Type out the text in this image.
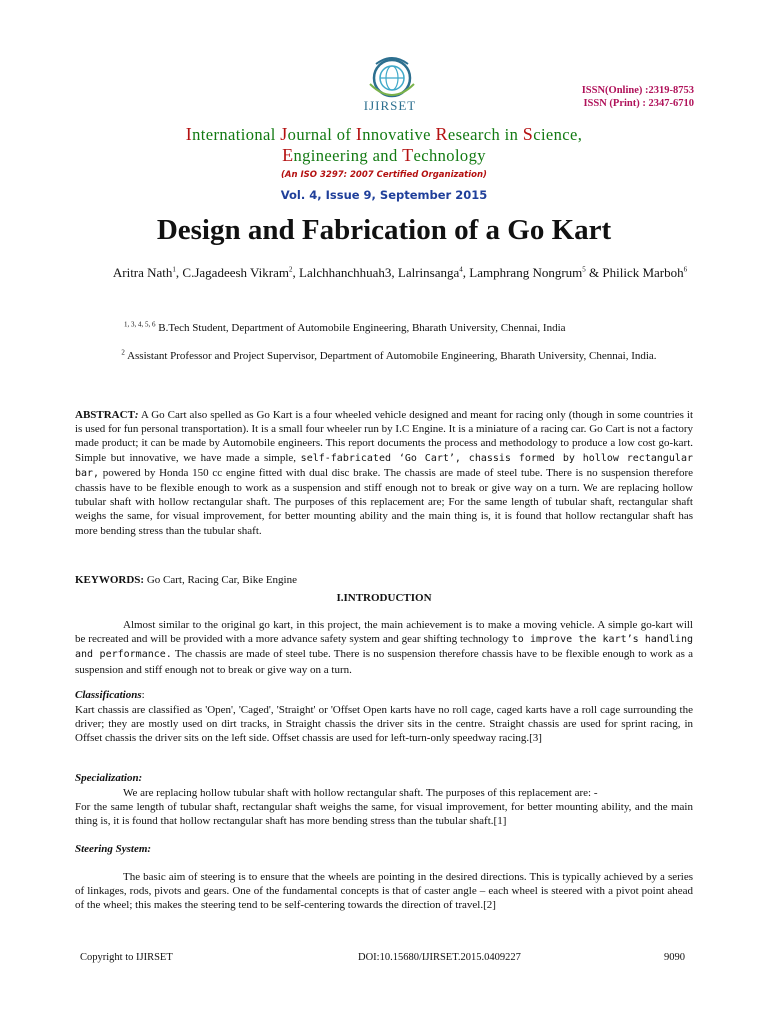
IJIRSET
ISSN(Online) :2319-8753
ISSN (Print) : 2347-6710
International Journal of Innovative Research in Science,
Engineering and Technology
(An ISO 3297: 2007 Certified Organization)
Vol. 4, Issue 9, September 2015
Design and Fabrication of a Go Kart
Aritra Nath$^1$, C.Jagadeesh Vikram$^2$, Lalchhanchhuah3, Lalrinsanga$^4$, Lamphrang Nongrum$^5$ & Philick Marboh$^6$
$^{1, 3, 4, 5, 6}$ B.Tech Student, Department of Automobile Engineering, Bharath University, Chennai, India
$^2$ Assistant Professor and Project Supervisor, Department of Automobile Engineering, Bharath University, Chennai, India.
ABSTRACT: A Go Cart also spelled as Go Kart is a four wheeled vehicle designed and meant for racing only (though in some countries it is used for fun personal transportation). It is a small four wheeler run by I.C Engine. It is a miniature of a racing car. Go Cart is not a factory made product; it can be made by Automobile engineers. This report documents the process and methodology to produce a low cost go-kart. Simple but innovative, we have made a simple, self-fabricated ‘Go Cart’, chassis formed by hollow rectangular bar, powered by Honda 150 cc engine fitted with dual disc brake. The chassis are made of steel tube. There is no suspension therefore chassis have to be flexible enough to work as a suspension and stiff enough not to break or give way on a turn. We are replacing hollow tubular shaft with hollow rectangular shaft. The purposes of this replacement are; For the same length of tubular shaft, rectangular shaft weighs the same, for visual improvement, for better mounting ability and the main thing is, it is found that hollow rectangular shaft has more bending stress than the tubular shaft.
KEYWORDS: Go Cart, Racing Car, Bike Engine
I.INTRODUCTION
Almost similar to the original go kart, in this project, the main achievement is to make a moving vehicle. A simple go-kart will be recreated and will be provided with a more advance safety system and gear shifting technology to improve the kart’s handling and performance. The chassis are made of steel tube. There is no suspension therefore chassis have to be flexible enough to work as a suspension and stiff enough not to break or give way on a turn.
Classifications:
Kart chassis are classified as 'Open', 'Caged', 'Straight' or 'Offset Open karts have no roll cage, caged karts have a roll cage surrounding the driver; they are mostly used on dirt tracks, in Straight chassis the driver sits in the centre. Straight chassis are used for sprint racing, in Offset chassis the driver sits on the left side. Offset chassis are used for left-turn-only speedway racing.[3]
Specialization:
We are replacing hollow tubular shaft with hollow rectangular shaft. The purposes of this replacement are: -
For the same length of tubular shaft, rectangular shaft weighs the same, for visual improvement, for better mounting ability, and the main thing is, it is found that hollow rectangular shaft has more bending stress than the tubular shaft.[1]
Steering System:
The basic aim of steering is to ensure that the wheels are pointing in the desired directions. This is typically achieved by a series of linkages, rods, pivots and gears. One of the fundamental concepts is that of caster angle – each wheel is steered with a pivot point ahead of the wheel; this makes the steering tend to be self-centering towards the direction of travel.[2]
Copyright to IJIRSET	DOI:10.15680/IJIRSET.2015.0409227	9090
